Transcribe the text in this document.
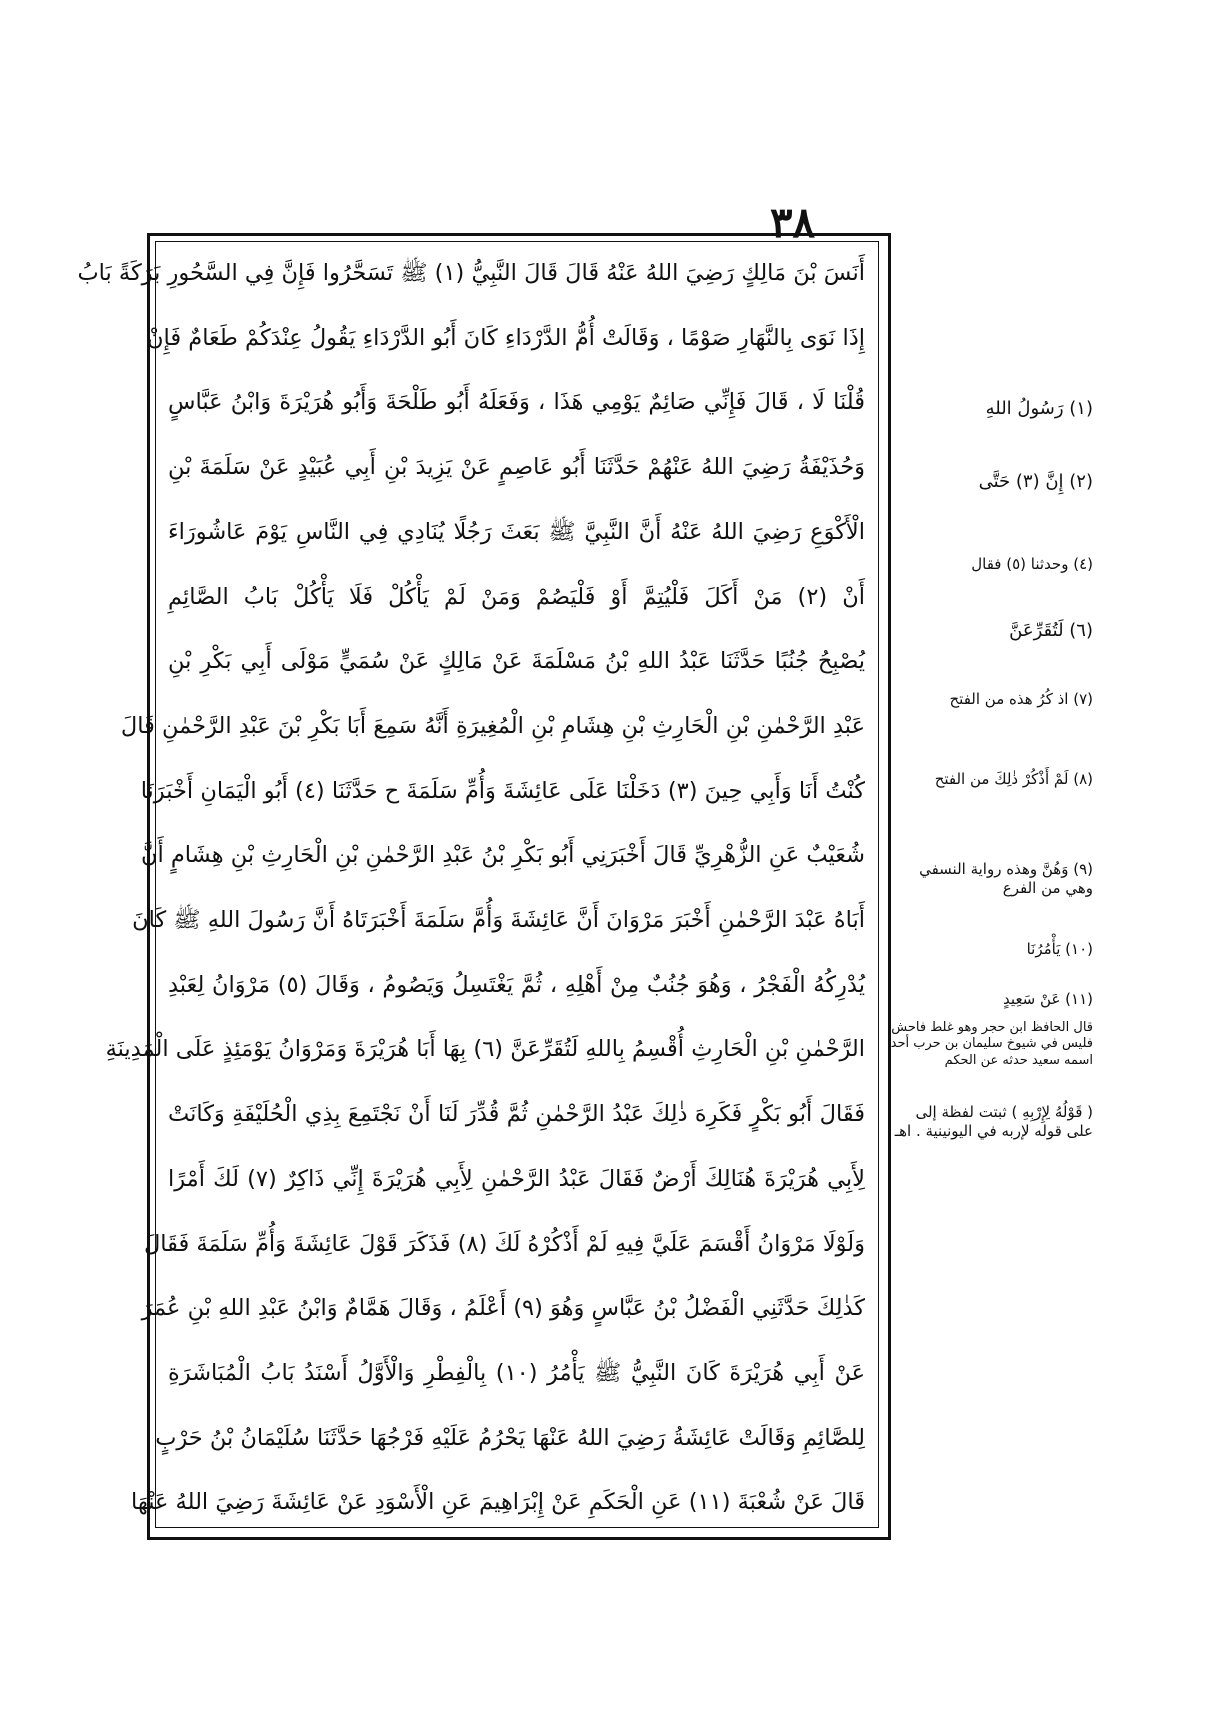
٣٨
أَنَسَ بْنَ مَالِكٍ رَضِيَ اللهُ عَنْهُ قَالَ قَالَ النَّبِيُّ (١) ﷺ تَسَحَّرُوا فَإِنَّ فِي السَّحُورِ بَرَكَةً بَابُ
إِذَا نَوَى بِالنَّهَارِ صَوْمًا ، وَقَالَتْ أُمُّ الدَّرْدَاءِ كَانَ أَبُو الدَّرْدَاءِ يَقُولُ عِنْدَكُمْ طَعَامٌ فَإِنْ
قُلْنَا لَا ، قَالَ فَإِنِّي صَائِمٌ يَوْمِي هَذَا ، وَفَعَلَهُ أَبُو طَلْحَةَ وَأَبُو هُرَيْرَةَ وَابْنُ عَبَّاسٍ
وَحُذَيْفَةُ رَضِيَ اللهُ عَنْهُمْ حَدَّثَنَا أَبُو عَاصِمٍ عَنْ يَزِيدَ بْنِ أَبِي عُبَيْدٍ عَنْ سَلَمَةَ بْنِ
الْأَكْوَعِ رَضِيَ اللهُ عَنْهُ أَنَّ النَّبِيَّ ﷺ بَعَثَ رَجُلًا يُنَادِي فِي النَّاسِ يَوْمَ عَاشُورَاءَ
أَنْ (٢) مَنْ أَكَلَ فَلْيُتِمَّ أَوْ فَلْيَصُمْ وَمَنْ لَمْ يَأْكُلْ فَلَا يَأْكُلْ بَابُ الصَّائِمِ
يُصْبِحُ جُنُبًا حَدَّثَنَا عَبْدُ اللهِ بْنُ مَسْلَمَةَ عَنْ مَالِكٍ عَنْ سُمَيٍّ مَوْلَى أَبِي بَكْرِ بْنِ
عَبْدِ الرَّحْمٰنِ بْنِ الْحَارِثِ بْنِ هِشَامِ بْنِ الْمُغِيرَةِ أَنَّهُ سَمِعَ أَبَا بَكْرِ بْنَ عَبْدِ الرَّحْمٰنِ قَالَ
كُنْتُ أَنَا وَأَبِي حِينَ (٣) دَخَلْنَا عَلَى عَائِشَةَ وَأُمِّ سَلَمَةَ ح حَدَّثَنَا (٤) أَبُو الْيَمَانِ أَخْبَرَنَا
شُعَيْبٌ عَنِ الزُّهْرِيِّ قَالَ أَخْبَرَنِي أَبُو بَكْرِ بْنُ عَبْدِ الرَّحْمٰنِ بْنِ الْحَارِثِ بْنِ هِشَامٍ أَنَّ
أَبَاهُ عَبْدَ الرَّحْمٰنِ أَخْبَرَ مَرْوَانَ أَنَّ عَائِشَةَ وَأُمَّ سَلَمَةَ أَخْبَرَتَاهُ أَنَّ رَسُولَ اللهِ ﷺ كَانَ
يُدْرِكُهُ الْفَجْرُ ، وَهُوَ جُنُبٌ مِنْ أَهْلِهِ ، ثُمَّ يَغْتَسِلُ وَيَصُومُ ، وَقَالَ (٥) مَرْوَانُ لِعَبْدِ
الرَّحْمٰنِ بْنِ الْحَارِثِ أُقْسِمُ بِاللهِ لَتُقَرِّعَنَّ (٦) بِهَا أَبَا هُرَيْرَةَ وَمَرْوَانُ يَوْمَئِذٍ عَلَى الْمَدِينَةِ
فَقَالَ أَبُو بَكْرٍ فَكَرِهَ ذٰلِكَ عَبْدُ الرَّحْمٰنِ ثُمَّ قُدِّرَ لَنَا أَنْ نَجْتَمِعَ بِذِي الْحُلَيْفَةِ وَكَانَتْ
لِأَبِي هُرَيْرَةَ هُنَالِكَ أَرْضٌ فَقَالَ عَبْدُ الرَّحْمٰنِ لِأَبِي هُرَيْرَةَ إِنِّي ذَاكِرٌ (٧) لَكَ أَمْرًا
وَلَوْلَا مَرْوَانُ أَقْسَمَ عَلَيَّ فِيهِ لَمْ أَذْكُرْهُ لَكَ (٨) فَذَكَرَ قَوْلَ عَائِشَةَ وَأُمِّ سَلَمَةَ فَقَالَ
كَذٰلِكَ حَدَّثَنِي الْفَضْلُ بْنُ عَبَّاسٍ وَهُوَ (٩) أَعْلَمُ ، وَقَالَ هَمَّامٌ وَابْنُ عَبْدِ اللهِ بْنِ عُمَرَ
عَنْ أَبِي هُرَيْرَةَ كَانَ النَّبِيُّ ﷺ يَأْمُرُ (١٠) بِالْفِطْرِ وَالْأَوَّلُ أَسْنَدُ بَابُ الْمُبَاشَرَةِ
لِلصَّائِمِ وَقَالَتْ عَائِشَةُ رَضِيَ اللهُ عَنْهَا يَحْرُمُ عَلَيْهِ فَرْجُهَا حَدَّثَنَا سُلَيْمَانُ بْنُ حَرْبٍ
قَالَ عَنْ شُعْبَةَ (١١) عَنِ الْحَكَمِ عَنْ إِبْرَاهِيمَ عَنِ الْأَسْوَدِ عَنْ عَائِشَةَ رَضِيَ اللهُ عَنْهَا
(١) رَسُولُ اللهِ
(٢) إِنَّ (٣) حَتَّى
(٤) وحدثنا (٥) فقال
(٦) لَتُقَرِّعَنَّ
(٧) اذ كُرُ هذه من الفتح
(٨) لَمْ أَذْكُرْ ذٰلِكَ من الفتح
(٩) وَهُنَّ وهذه رواية النسفي وهي من الفرع
(١٠) يَأْمُرُنَا
(١١) عَنْ سَعِيدٍ
قال الحافظ ابن حجر وهو غلط فاحش فليس في شيوخ سليمان بن حرب أحد اسمه سعيد حدثه عن الحكم
( قَوْلُهُ لِإِرْبِهِ ) ثبتت لفظة إلى على قوله لإربه في اليونينية . اهـ
